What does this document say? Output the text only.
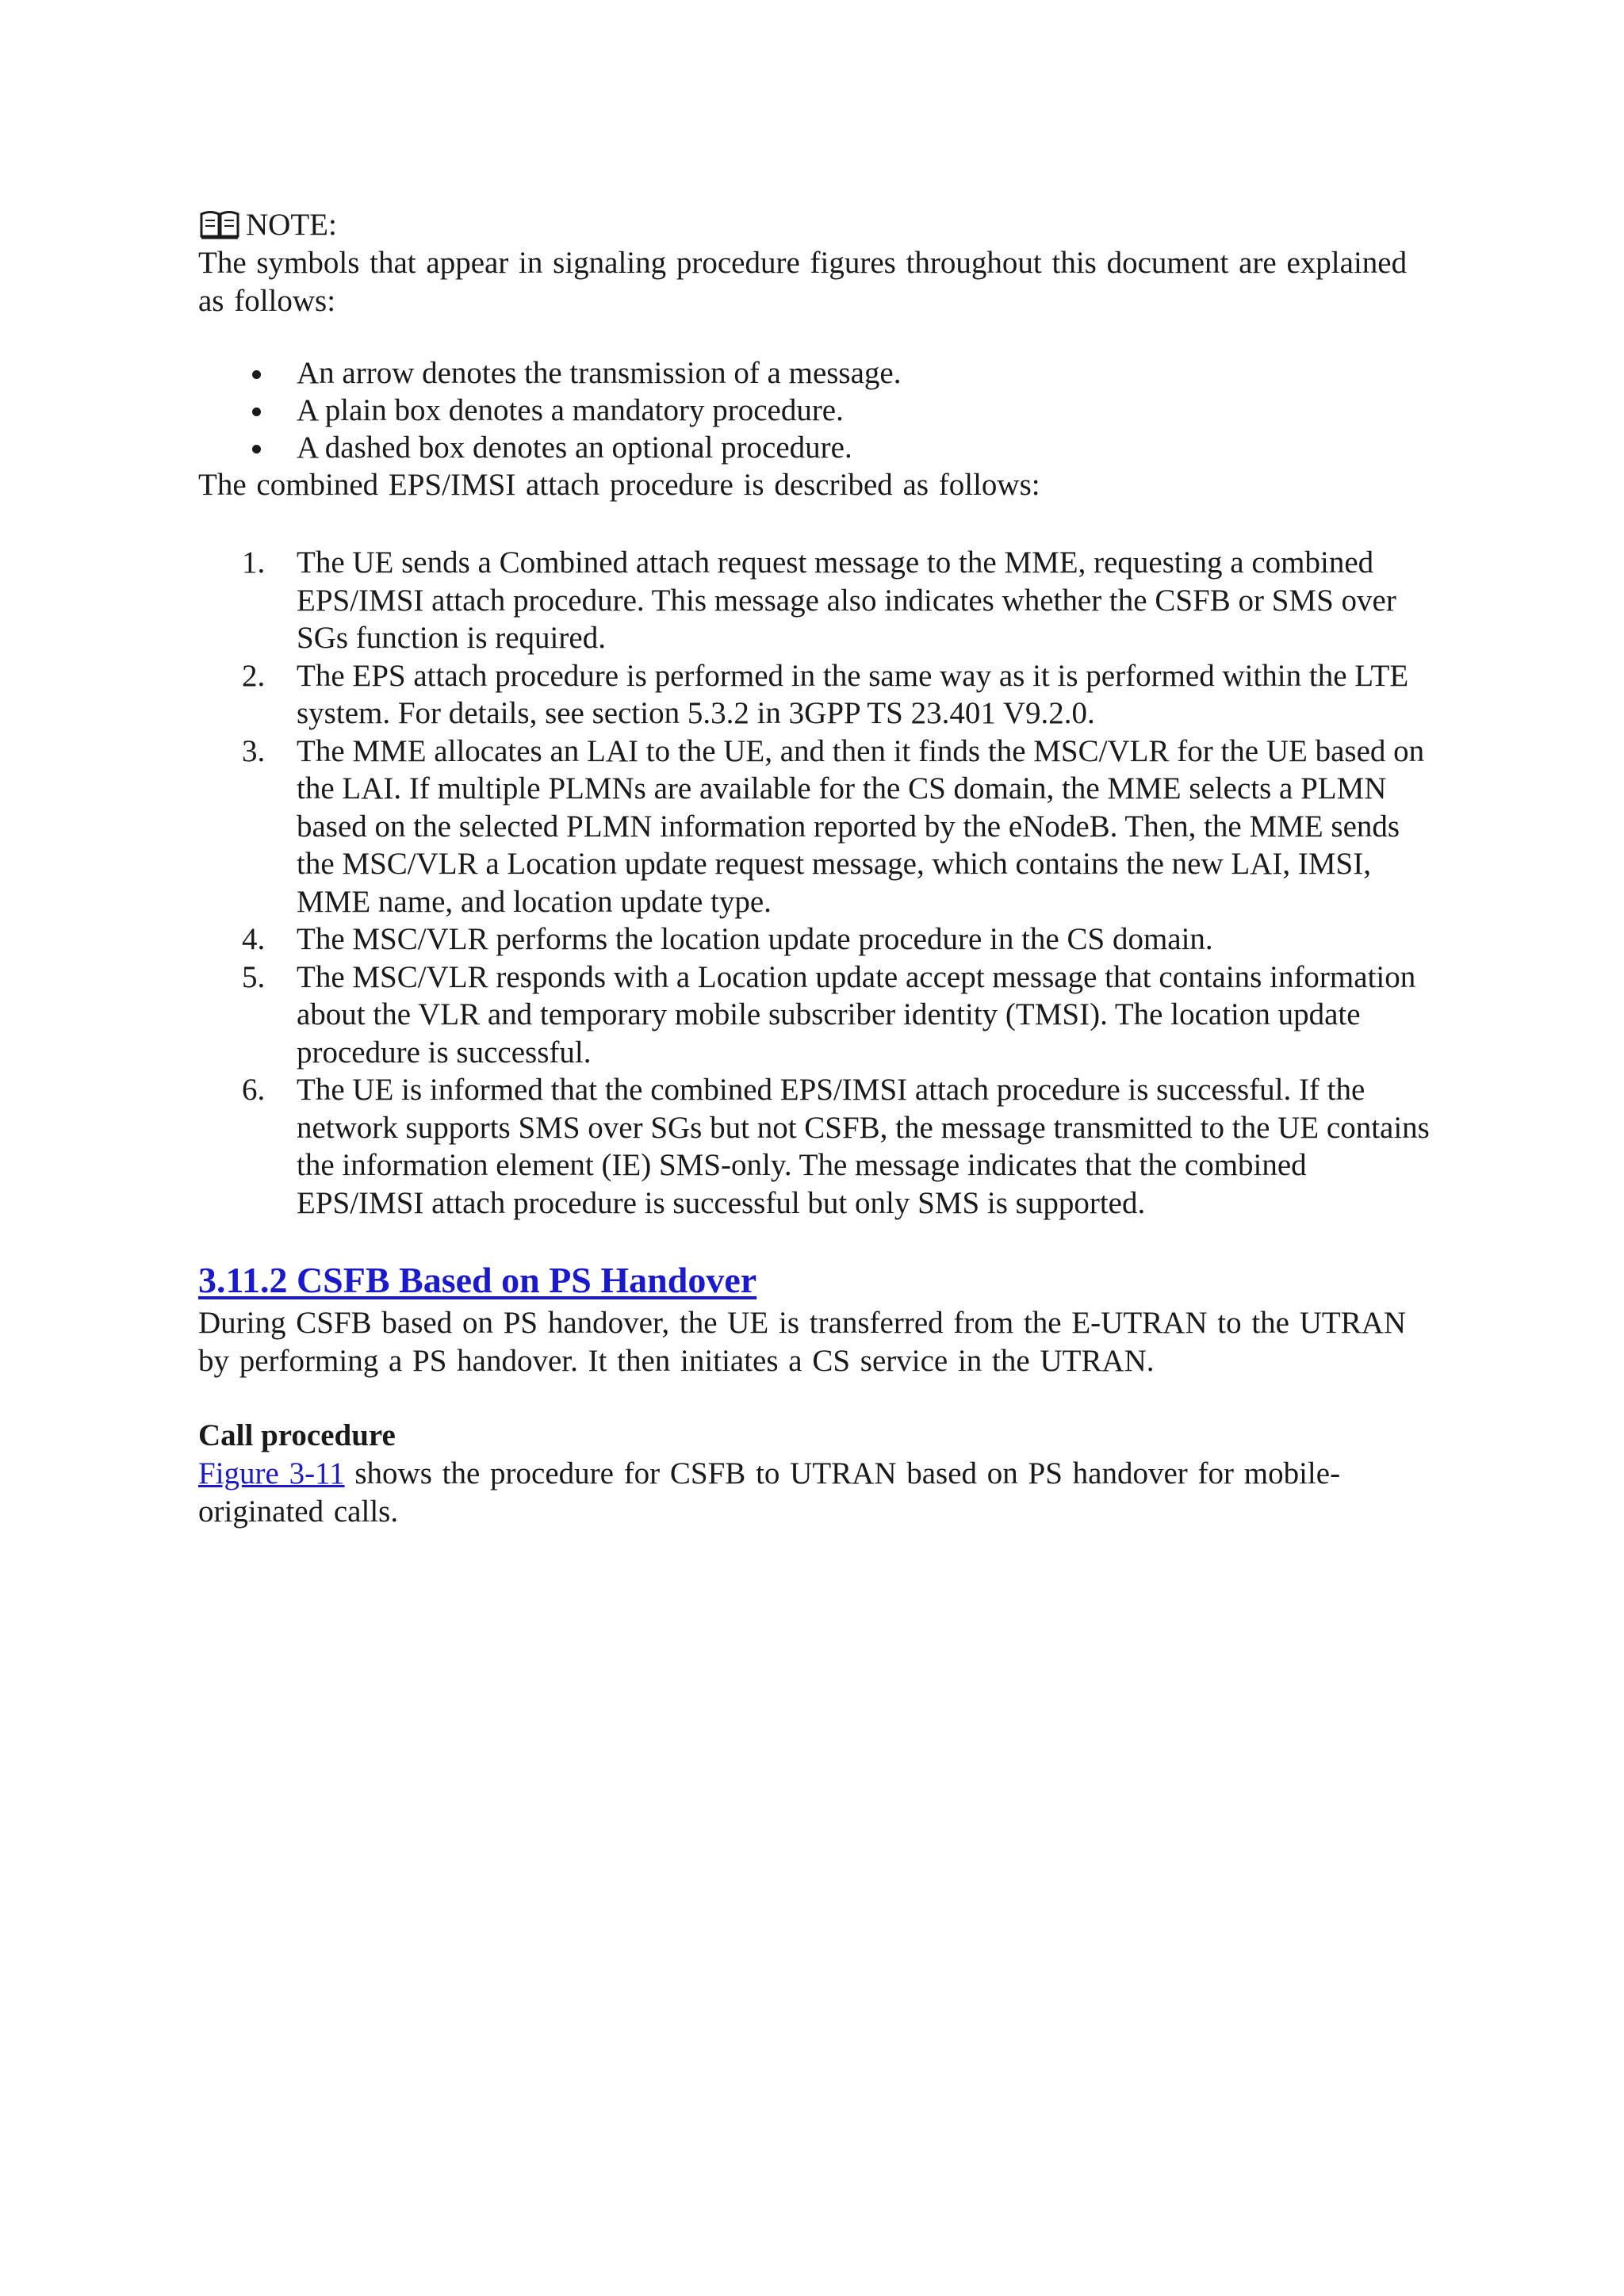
NOTE:

The symbols that appear in signaling procedure figures throughout this document are explained as follows:

An arrow denotes the transmission of a message.
A plain box denotes a mandatory procedure.
A dashed box denotes an optional procedure.

The combined EPS/IMSI attach procedure is described as follows:

1. The UE sends a Combined attach request message to the MME, requesting a combined EPS/IMSI attach procedure. This message also indicates whether the CSFB or SMS over SGs function is required.
2. The EPS attach procedure is performed in the same way as it is performed within the LTE system. For details, see section 5.3.2 in 3GPP TS 23.401 V9.2.0.
3. The MME allocates an LAI to the UE, and then it finds the MSC/VLR for the UE based on the LAI. If multiple PLMNs are available for the CS domain, the MME selects a PLMN based on the selected PLMN information reported by the eNodeB. Then, the MME sends the MSC/VLR a Location update request message, which contains the new LAI, IMSI, MME name, and location update type.
4. The MSC/VLR performs the location update procedure in the CS domain.
5. The MSC/VLR responds with a Location update accept message that contains information about the VLR and temporary mobile subscriber identity (TMSI). The location update procedure is successful.
6. The UE is informed that the combined EPS/IMSI attach procedure is successful. If the network supports SMS over SGs but not CSFB, the message transmitted to the UE contains the information element (IE) SMS-only. The message indicates that the combined EPS/IMSI attach procedure is successful but only SMS is supported.
3.11.2 CSFB Based on PS Handover

During CSFB based on PS handover, the UE is transferred from the E-UTRAN to the UTRAN by performing a PS handover. It then initiates a CS service in the UTRAN.

Call procedure

Figure 3-11 shows the procedure for CSFB to UTRAN based on PS handover for mobile-originated calls.
